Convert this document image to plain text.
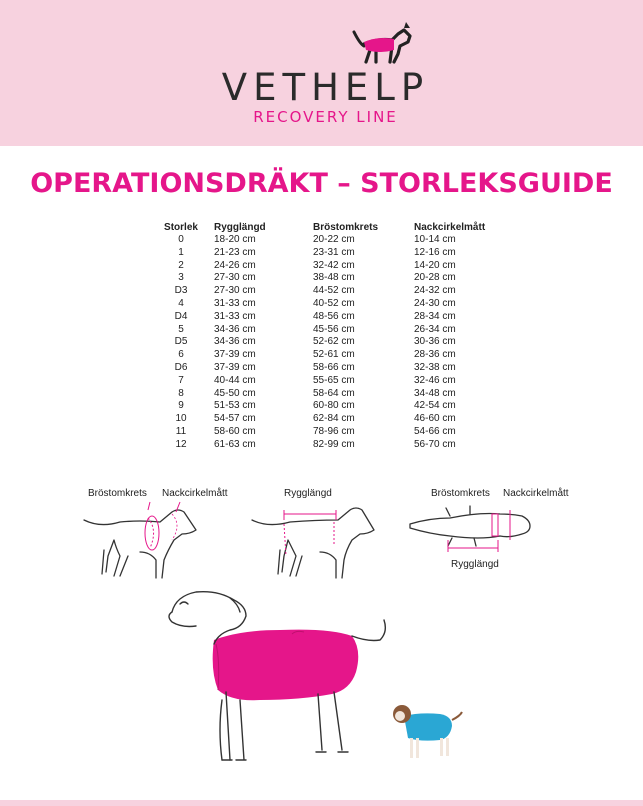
VETHELP
RECOVERY LINE
OPERATIONSDRÄKT – STORLEKSGUIDE
Storlek	Rygglängd	Bröstomkrets	Nackcirkelmått
0	18-20 cm	20-22 cm	10-14 cm
1	21-23 cm	23-31 cm	12-16 cm
2	24-26 cm	32-42 cm	14-20 cm
3	27-30 cm	38-48 cm	20-28 cm
D3	27-30 cm	44-52 cm	24-32 cm
4	31-33 cm	40-52 cm	24-30 cm
D4	31-33 cm	48-56 cm	28-34 cm
5	34-36 cm	45-56 cm	26-34 cm
D5	34-36 cm	52-62 cm	30-36 cm
6	37-39 cm	52-61 cm	28-36 cm
D6	37-39 cm	58-66 cm	32-38 cm
7	40-44 cm	55-65 cm	32-46 cm
8	45-50 cm	58-64 cm	34-48 cm
9	51-53 cm	60-80 cm	42-54 cm
10	54-57 cm	62-84 cm	46-60 cm
11	58-60 cm	78-96 cm	54-66 cm
12	61-63 cm	82-99 cm	56-70 cm
Bröstomkrets Nackcirkelmått	Rygglängd	Bröstomkrets Nackcirkelmått
Rygglängd
